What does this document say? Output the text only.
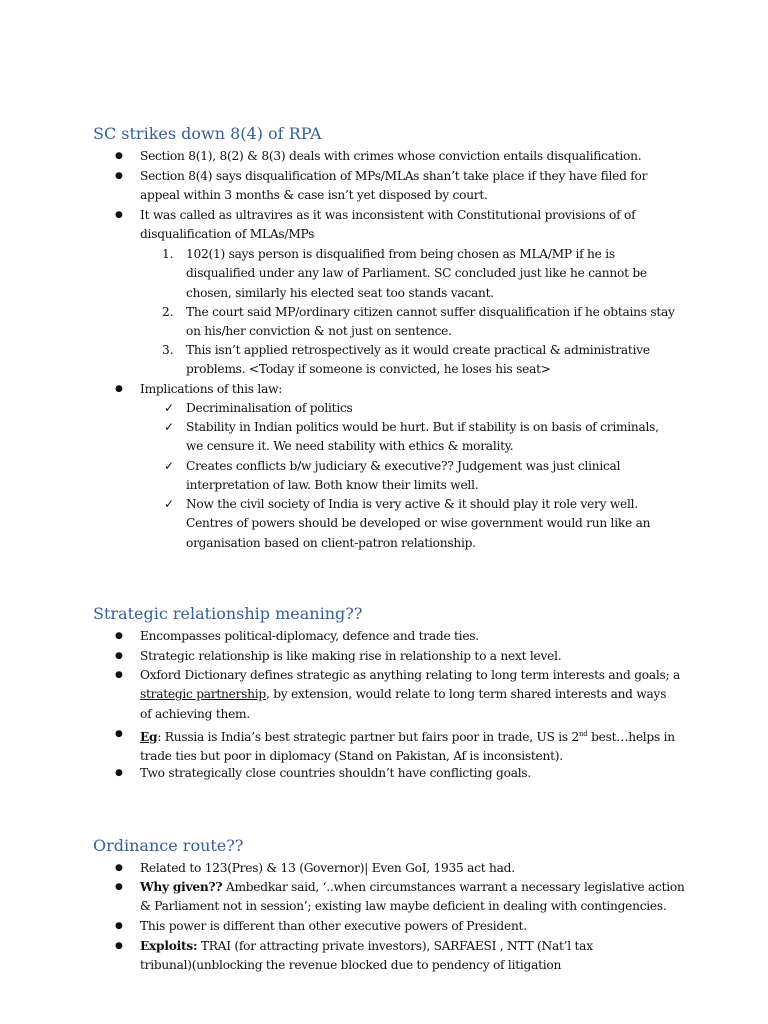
SC strikes down 8(4) of RPA
● Section 8(1), 8(2) & 8(3) deals with crimes whose conviction entails disqualification.
● Section 8(4) says disqualification of MPs/MLAs shan’t take place if they have filed for
appeal within 3 months & case isn’t yet disposed by court.
● It was called as ultravires as it was inconsistent with Constitutional provisions of of
disqualification of MLAs/MPs
1. 102(1) says person is disqualified from being chosen as MLA/MP if he is
disqualified under any law of Parliament. SC concluded just like he cannot be
chosen, similarly his elected seat too stands vacant.
2. The court said MP/ordinary citizen cannot suffer disqualification if he obtains stay
on his/her conviction & not just on sentence.
3. This isn’t applied retrospectively as it would create practical & administrative
problems. <Today if someone is convicted, he loses his seat>
● Implications of this law:
✓ Decriminalisation of politics
✓ Stability in Indian politics would be hurt. But if stability is on basis of criminals,
we censure it. We need stability with ethics & morality.
✓ Creates conflicts b/w judiciary & executive?? Judgement was just clinical
interpretation of law. Both know their limits well.
✓ Now the civil society of India is very active & it should play it role very well.
Centres of powers should be developed or wise government would run like an
organisation based on client-patron relationship.
Strategic relationship meaning??
● Encompasses political-diplomacy, defence and trade ties.
● Strategic relationship is like making rise in relationship to a next level.
● Oxford Dictionary defines strategic as anything relating to long term interests and goals; a
strategic partnership, by extension, would relate to long term shared interests and ways
of achieving them.
● Eg: Russia is India’s best strategic partner but fairs poor in trade, US is 2nd best…helps in
trade ties but poor in diplomacy (Stand on Pakistan, Af is inconsistent).
● Two strategically close countries shouldn’t have conflicting goals.
Ordinance route??
● Related to 123(Pres) & 13 (Governor)| Even GoI, 1935 act had.
● Why given?? Ambedkar said, ‘..when circumstances warrant a necessary legislative action
& Parliament not in session’; existing law maybe deficient in dealing with contingencies.
● This power is different than other executive powers of President.
● Exploits: TRAI (for attracting private investors), SARFAESI , NTT (Nat’l tax
tribunal)(unblocking the revenue blocked due to pendency of litigation
